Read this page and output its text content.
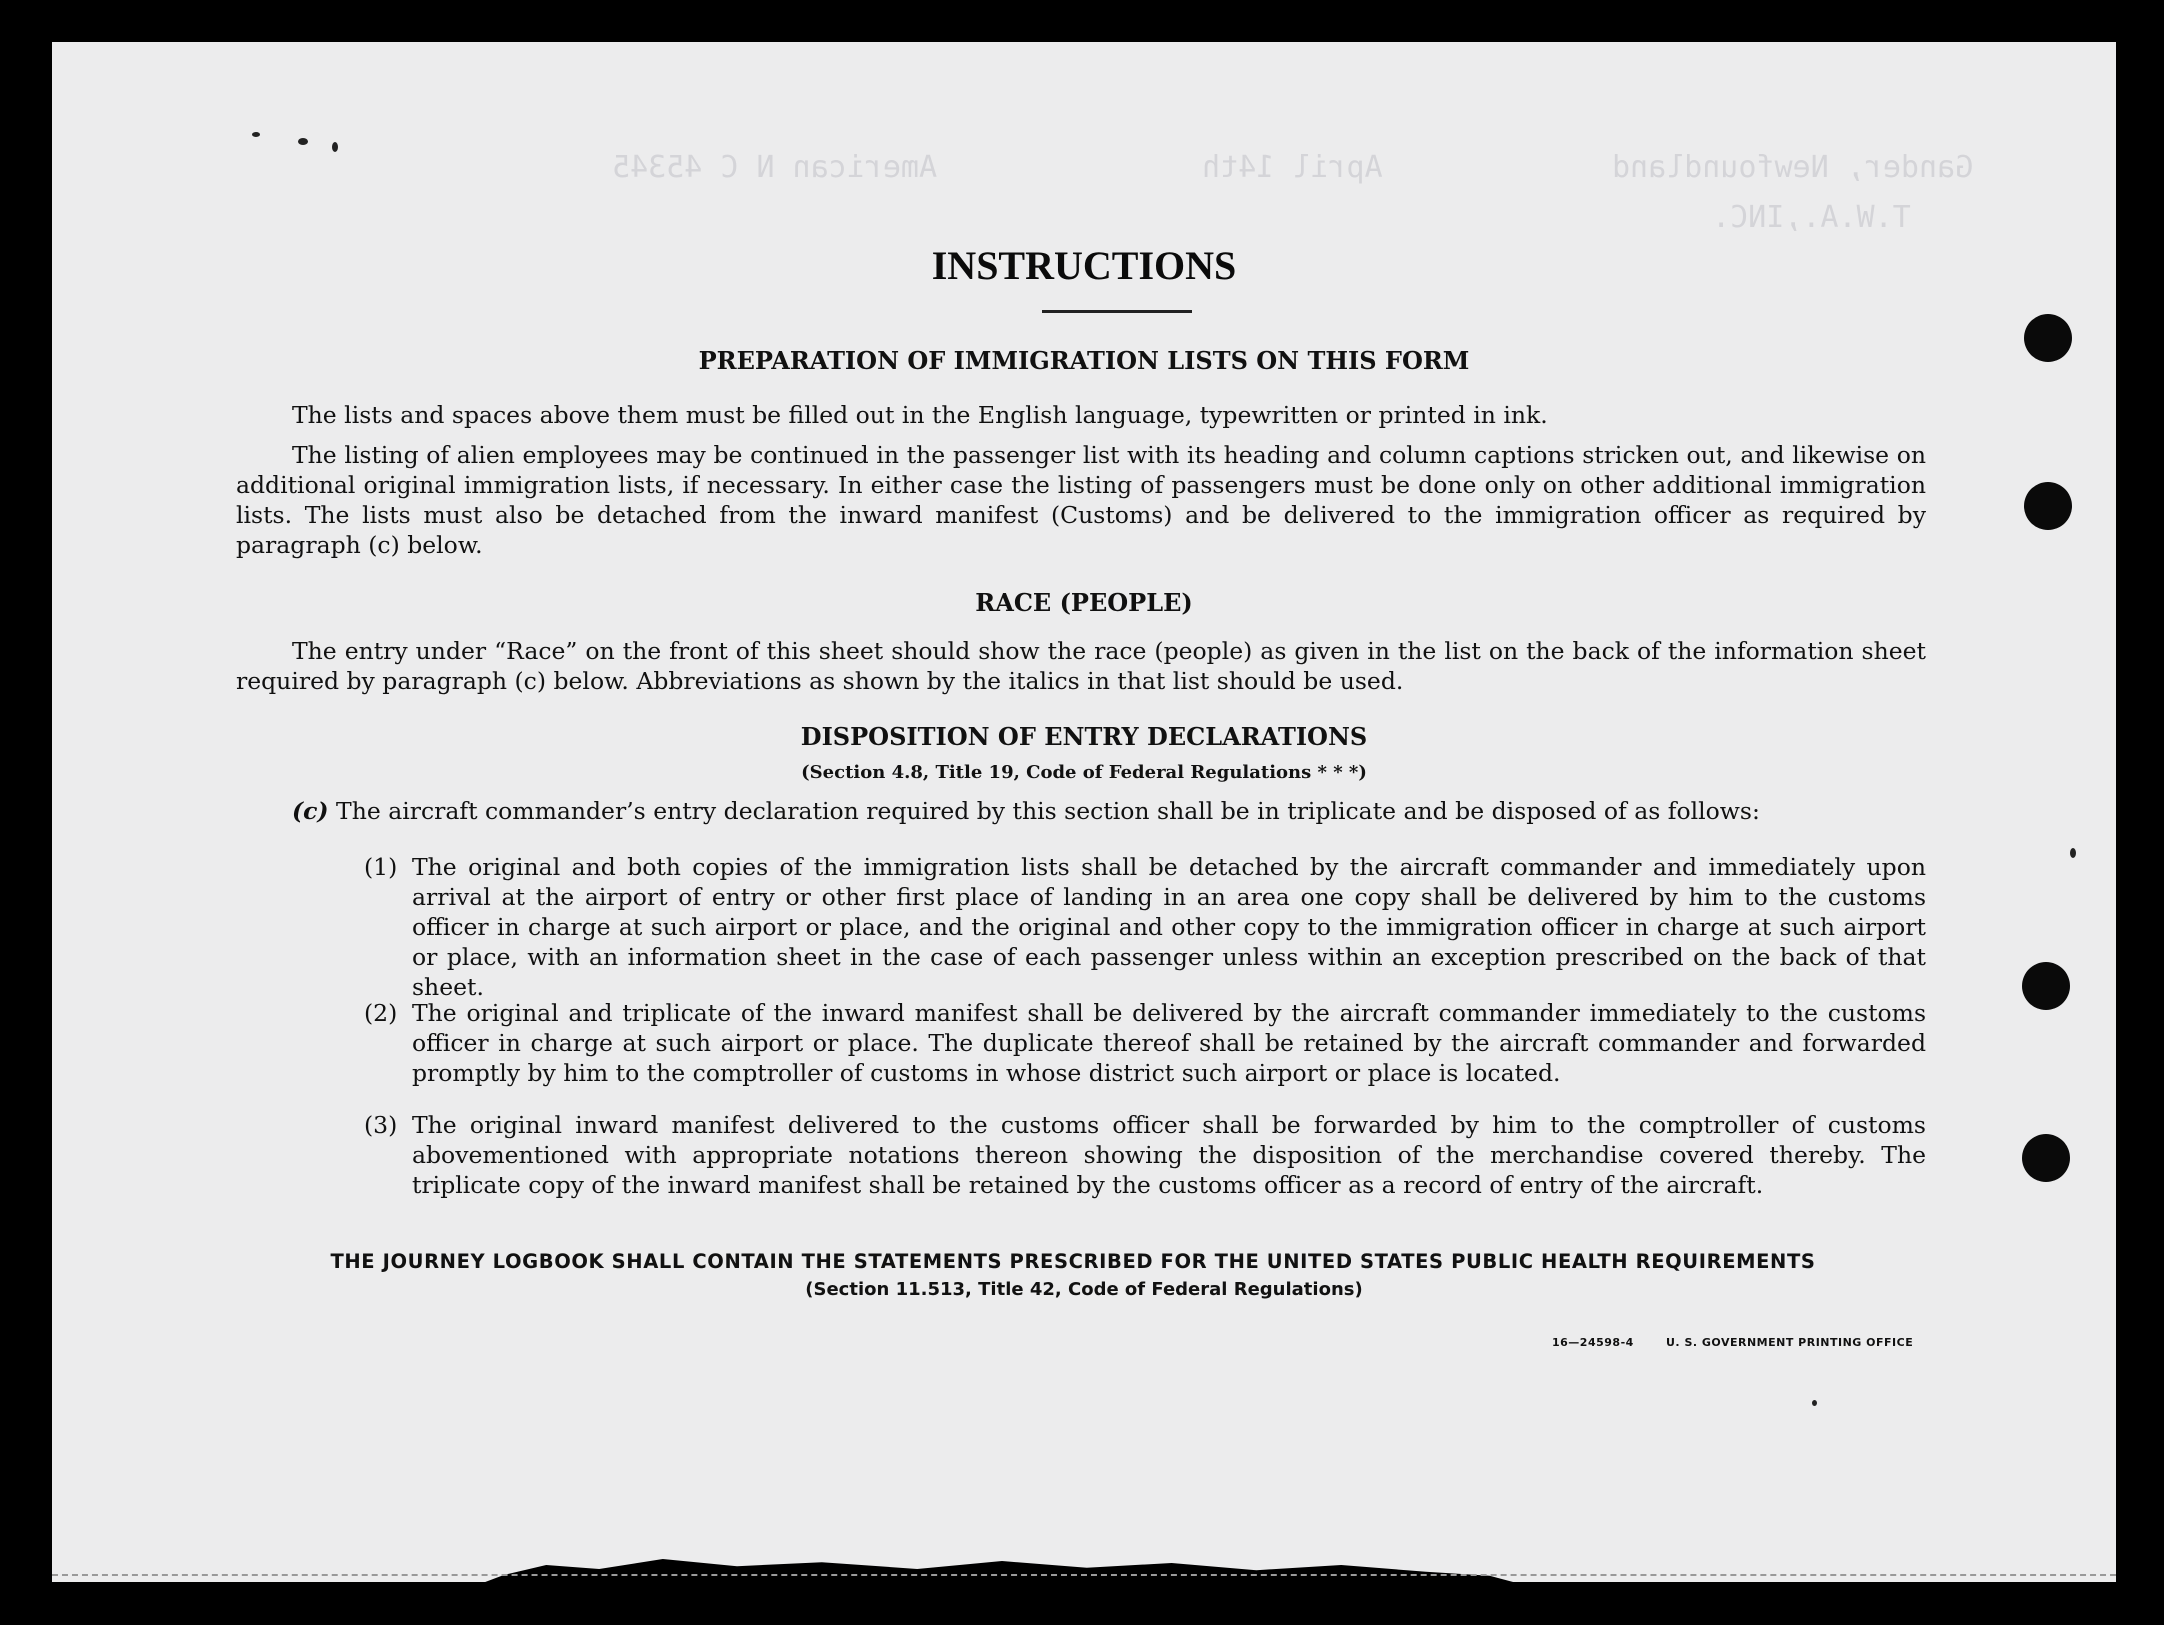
Gander, Newfoundland
T.W.A.,INC.
April 14th
American N C 45345
INSTRUCTIONS
PREPARATION OF IMMIGRATION LISTS ON THIS FORM
The lists and spaces above them must be filled out in the English language, typewritten or printed in ink.
The listing of alien employees may be continued in the passenger list with its heading and column captions stricken out, and likewise on additional original immigration lists, if necessary. In either case the listing of passengers must be done only on other additional immigration lists. The lists must also be detached from the inward manifest (Customs) and be delivered to the immigration officer as required by paragraph (c) below.
RACE (PEOPLE)
The entry under “Race” on the front of this sheet should show the race (people) as given in the list on the back of the information sheet required by paragraph (c) below. Abbreviations as shown by the italics in that list should be used.
DISPOSITION OF ENTRY DECLARATIONS
(Section 4.8, Title 19, Code of Federal Regulations * * *)
(c) The aircraft commander’s entry declaration required by this section shall be in triplicate and be disposed of as follows:
(1) The original and both copies of the immigration lists shall be detached by the aircraft commander and immediately upon arrival at the airport of entry or other first place of landing in an area one copy shall be delivered by him to the customs officer in charge at such airport or place, and the original and other copy to the immigration officer in charge at such airport or place, with an information sheet in the case of each passenger unless within an exception prescribed on the back of that sheet.
(2) The original and triplicate of the inward manifest shall be delivered by the aircraft commander immediately to the customs officer in charge at such airport or place. The duplicate thereof shall be retained by the aircraft commander and forwarded promptly by him to the comptroller of customs in whose district such airport or place is located.
(3) The original inward manifest delivered to the customs officer shall be forwarded by him to the comptroller of customs abovementioned with appropriate notations thereon showing the disposition of the merchandise covered thereby. The triplicate copy of the inward manifest shall be retained by the customs officer as a record of entry of the aircraft.
THE JOURNEY LOGBOOK SHALL CONTAIN THE STATEMENTS PRESCRIBED FOR THE UNITED STATES PUBLIC HEALTH REQUIREMENTS
(Section 11.513, Title 42, Code of Federal Regulations)
16—24598-4	U. S. GOVERNMENT PRINTING OFFICE
